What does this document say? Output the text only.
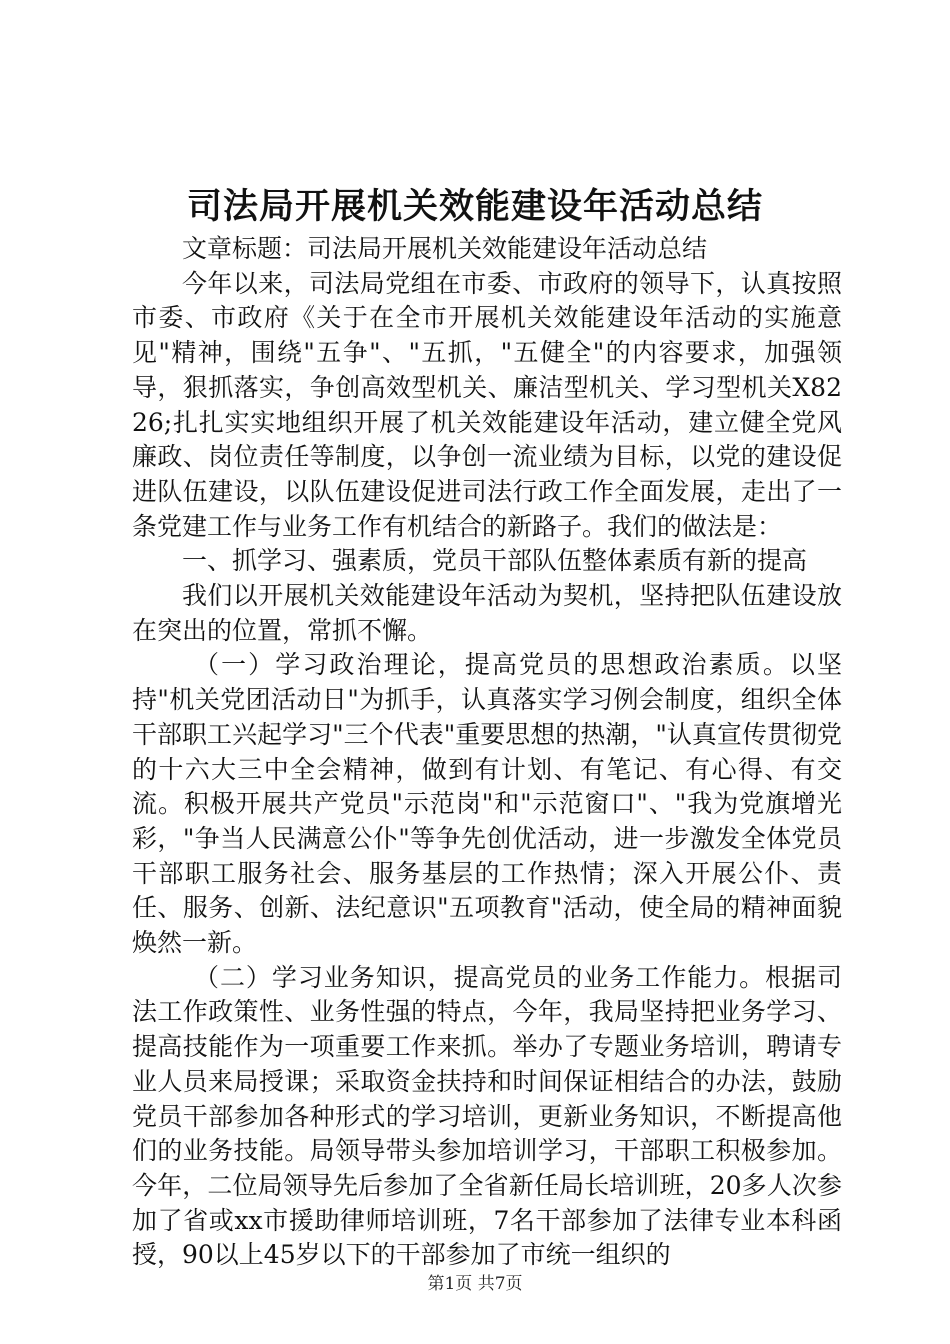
司法局开展机关效能建设年活动总结

文章标题：司法局开展机关效能建设年活动总结

今年以来，司法局党组在市委、市政府的领导下，认真按照市委、市政府《关于在全市开展机关效能建设年活动的实施意见"精神，围绕"五争"、"五抓，"五健全"的内容要求，加强领导，狠抓落实，争创高效型机关、廉洁型机关、学习型机关X8226;扎扎实实地组织开展了机关效能建设年活动，建立健全党风廉政、岗位责任等制度，以争创一流业绩为目标，以党的建设促进队伍建设，以队伍建设促进司法行政工作全面发展，走出了一条党建工作与业务工作有机结合的新路子。我们的做法是：

一、抓学习、强素质，党员干部队伍整体素质有新的提高

我们以开展机关效能建设年活动为契机，坚持把队伍建设放在突出的位置，常抓不懈。

（一）学习政治理论，提高党员的思想政治素质。以坚持"机关党团活动日"为抓手，认真落实学习例会制度，组织全体干部职工兴起学习"三个代表"重要思想的热潮，"认真宣传贯彻党的十六大三中全会精神，做到有计划、有笔记、有心得、有交流。积极开展共产党员"示范岗"和"示范窗口"、"我为党旗增光彩，"争当人民满意公仆"等争先创优活动，进一步激发全体党员干部职工服务社会、服务基层的工作热情；深入开展公仆、责任、服务、创新、法纪意识"五项教育"活动，使全局的精神面貌焕然一新。

（二）学习业务知识，提高党员的业务工作能力。根据司法工作政策性、业务性强的特点，今年，我局坚持把业务学习、提高技能作为一项重要工作来抓。举办了专题业务培训，聘请专业人员来局授课；采取资金扶持和时间保证相结合的办法，鼓励党员干部参加各种形式的学习培训，更新业务知识，不断提高他们的业务技能。局领导带头参加培训学习，干部职工积极参加。今年，二位局领导先后参加了全省新任局长培训班，20多人次参加了省或xx市援助律师培训班，7名干部参加了法律专业本科函授，90以上45岁以下的干部参加了市统一组织的

第1页 共7页
